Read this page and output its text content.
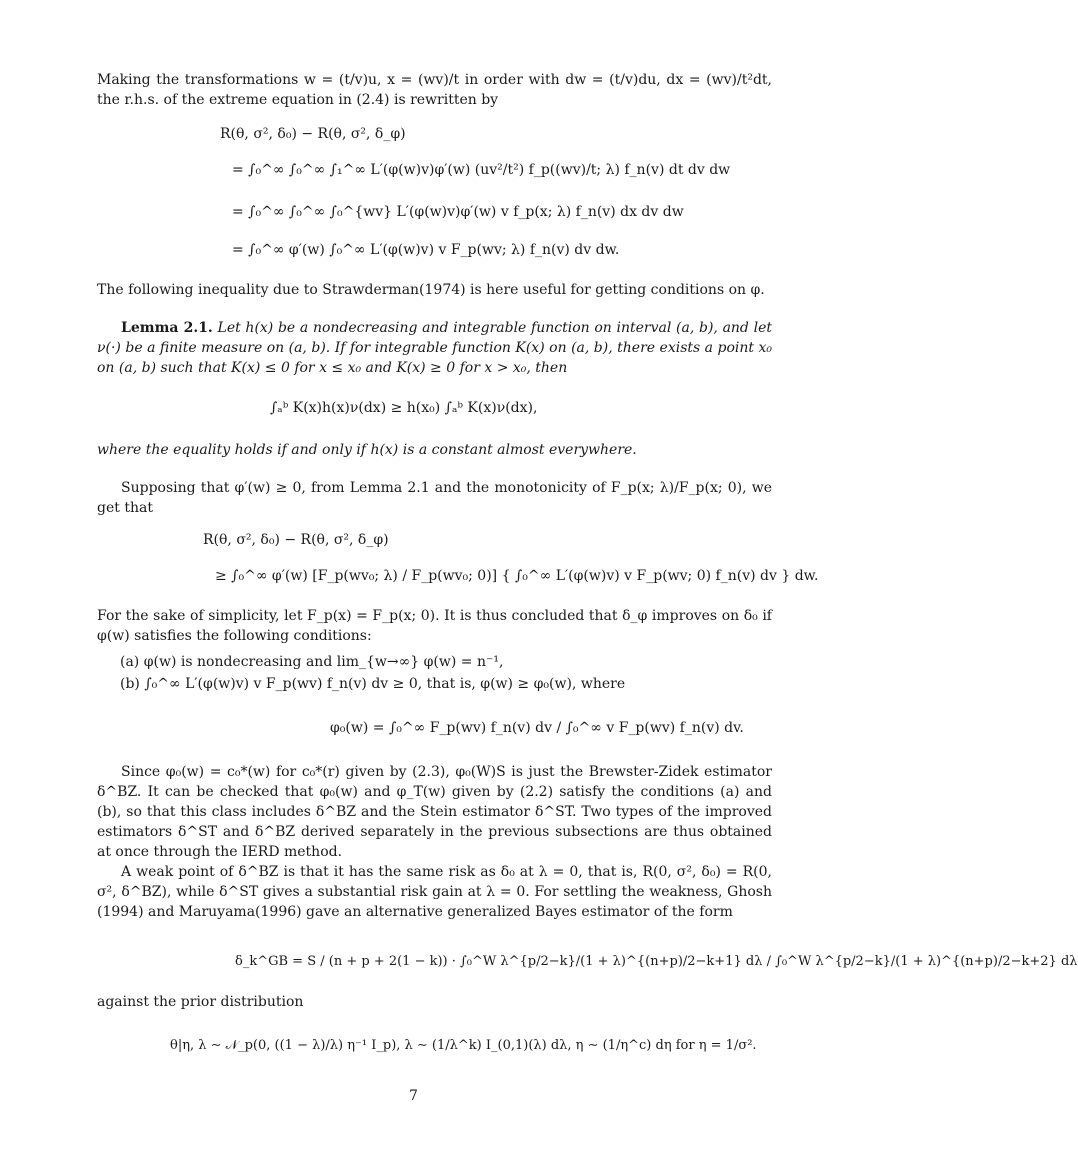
Making the transformations w = (t/v)u, x = (wv)/t in order with dw = (t/v)du, dx = (wv)/t²dt, the r.h.s. of the extreme equation in (2.4) is rewritten by
R(θ, σ², δ₀) − R(θ, σ², δ_φ)
= ∫₀^∞ ∫₀^∞ ∫₁^∞ L′(φ(w)v)φ′(w) (uv²/t²) f_p((wv)/t; λ) f_n(v) dt dv dw
= ∫₀^∞ ∫₀^∞ ∫₀^{wv} L′(φ(w)v)φ′(w) v f_p(x; λ) f_n(v) dx dv dw
= ∫₀^∞ φ′(w) ∫₀^∞ L′(φ(w)v) v F_p(wv; λ) f_n(v) dv dw.
The following inequality due to Strawderman(1974) is here useful for getting conditions on φ.
Lemma 2.1. Let h(x) be a nondecreasing and integrable function on interval (a, b), and let ν(·) be a finite measure on (a, b). If for integrable function K(x) on (a, b), there exists a point x₀ on (a, b) such that K(x) ≤ 0 for x ≤ x₀ and K(x) ≥ 0 for x > x₀, then
∫ₐᵇ K(x)h(x)ν(dx) ≥ h(x₀) ∫ₐᵇ K(x)ν(dx),
where the equality holds if and only if h(x) is a constant almost everywhere.
Supposing that φ′(w) ≥ 0, from Lemma 2.1 and the monotonicity of F_p(x; λ)/F_p(x; 0), we get that
R(θ, σ², δ₀) − R(θ, σ², δ_φ)
≥ ∫₀^∞ φ′(w) [F_p(wv₀; λ) / F_p(wv₀; 0)] { ∫₀^∞ L′(φ(w)v) v F_p(wv; 0) f_n(v) dv } dw.
For the sake of simplicity, let F_p(x) = F_p(x; 0). It is thus concluded that δ_φ improves on δ₀ if φ(w) satisfies the following conditions:
(a) φ(w) is nondecreasing and lim_{w→∞} φ(w) = n⁻¹,
(b) ∫₀^∞ L′(φ(w)v) v F_p(wv) f_n(v) dv ≥ 0, that is, φ(w) ≥ φ₀(w), where
φ₀(w) = ∫₀^∞ F_p(wv) f_n(v) dv / ∫₀^∞ v F_p(wv) f_n(v) dv.
Since φ₀(w) = c₀*(w) for c₀*(r) given by (2.3), φ₀(W)S is just the Brewster-Zidek estimator δ^BZ. It can be checked that φ₀(w) and φ_T(w) given by (2.2) satisfy the conditions (a) and (b), so that this class includes δ^BZ and the Stein estimator δ^ST. Two types of the improved estimators δ^ST and δ^BZ derived separately in the previous subsections are thus obtained at once through the IERD method.
A weak point of δ^BZ is that it has the same risk as δ₀ at λ = 0, that is, R(0, σ², δ₀) = R(0, σ², δ^BZ), while δ^ST gives a substantial risk gain at λ = 0. For settling the weakness, Ghosh (1994) and Maruyama(1996) gave an alternative generalized Bayes estimator of the form
δ_k^GB = S / (n + p + 2(1 − k)) · ∫₀^W λ^{p/2−k}/(1 + λ)^{(n+p)/2−k+1} dλ / ∫₀^W λ^{p/2−k}/(1 + λ)^{(n+p)/2−k+2} dλ
against the prior distribution
θ|η, λ ∼ 𝒩_p(0, ((1 − λ)/λ) η⁻¹ I_p), λ ∼ (1/λ^k) I_(0,1)(λ) dλ, η ∼ (1/η^c) dη for η = 1/σ².
7
